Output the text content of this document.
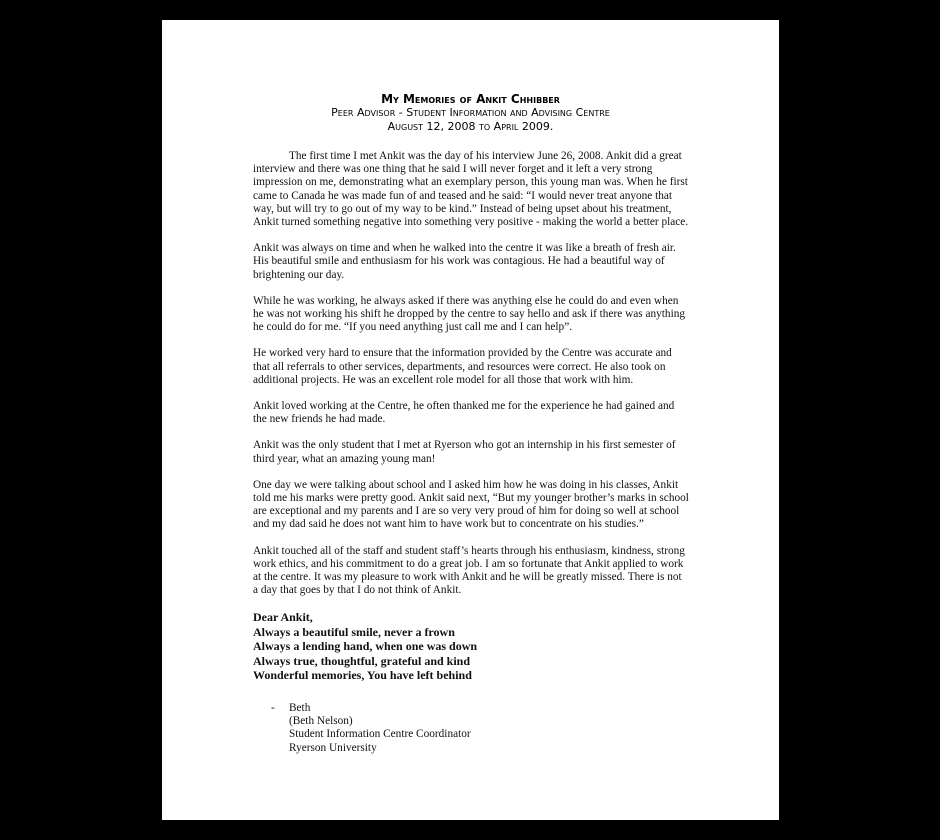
My Memories of Ankit Chhibber
Peer Advisor - Student Information and Advising Centre
August 12, 2008 to April 2009.

The first time I met Ankit was the day of his interview June 26, 2008. Ankit did a great interview and there was one thing that he said I will never forget and it left a very strong impression on me, demonstrating what an exemplary person, this young man was. When he first came to Canada he was made fun of and teased and he said: “I would never treat anyone that way, but will try to go out of my way to be kind.” Instead of being upset about his treatment, Ankit turned something negative into something very positive - making the world a better place.

Ankit was always on time and when he walked into the centre it was like a breath of fresh air. His beautiful smile and enthusiasm for his work was contagious. He had a beautiful way of brightening our day.

While he was working, he always asked if there was anything else he could do and even when he was not working his shift he dropped by the centre to say hello and ask if there was anything he could do for me. “If you need anything just call me and I can help”.

He worked very hard to ensure that the information provided by the Centre was accurate and that all referrals to other services, departments, and resources were correct. He also took on additional projects. He was an excellent role model for all those that work with him.

Ankit loved working at the Centre, he often thanked me for the experience he had gained and the new friends he had made.

Ankit was the only student that I met at Ryerson who got an internship in his first semester of third year, what an amazing young man!

One day we were talking about school and I asked him how he was doing in his classes, Ankit told me his marks were pretty good. Ankit said next, “But my younger brother’s marks in school are exceptional and my parents and I are so very very proud of him for doing so well at school and my dad said he does not want him to have work but to concentrate on his studies.”

Ankit touched all of the staff and student staff’s hearts through his enthusiasm, kindness, strong work ethics, and his commitment to do a great job. I am so fortunate that Ankit applied to work at the centre. It was my pleasure to work with Ankit and he will be greatly missed. There is not a day that goes by that I do not think of Ankit.

Dear Ankit,
Always a beautiful smile, never a frown
Always a lending hand, when one was down
Always true, thoughtful, grateful and kind
Wonderful memories, You have left behind
- Beth
(Beth Nelson)
Student Information Centre Coordinator
Ryerson University
